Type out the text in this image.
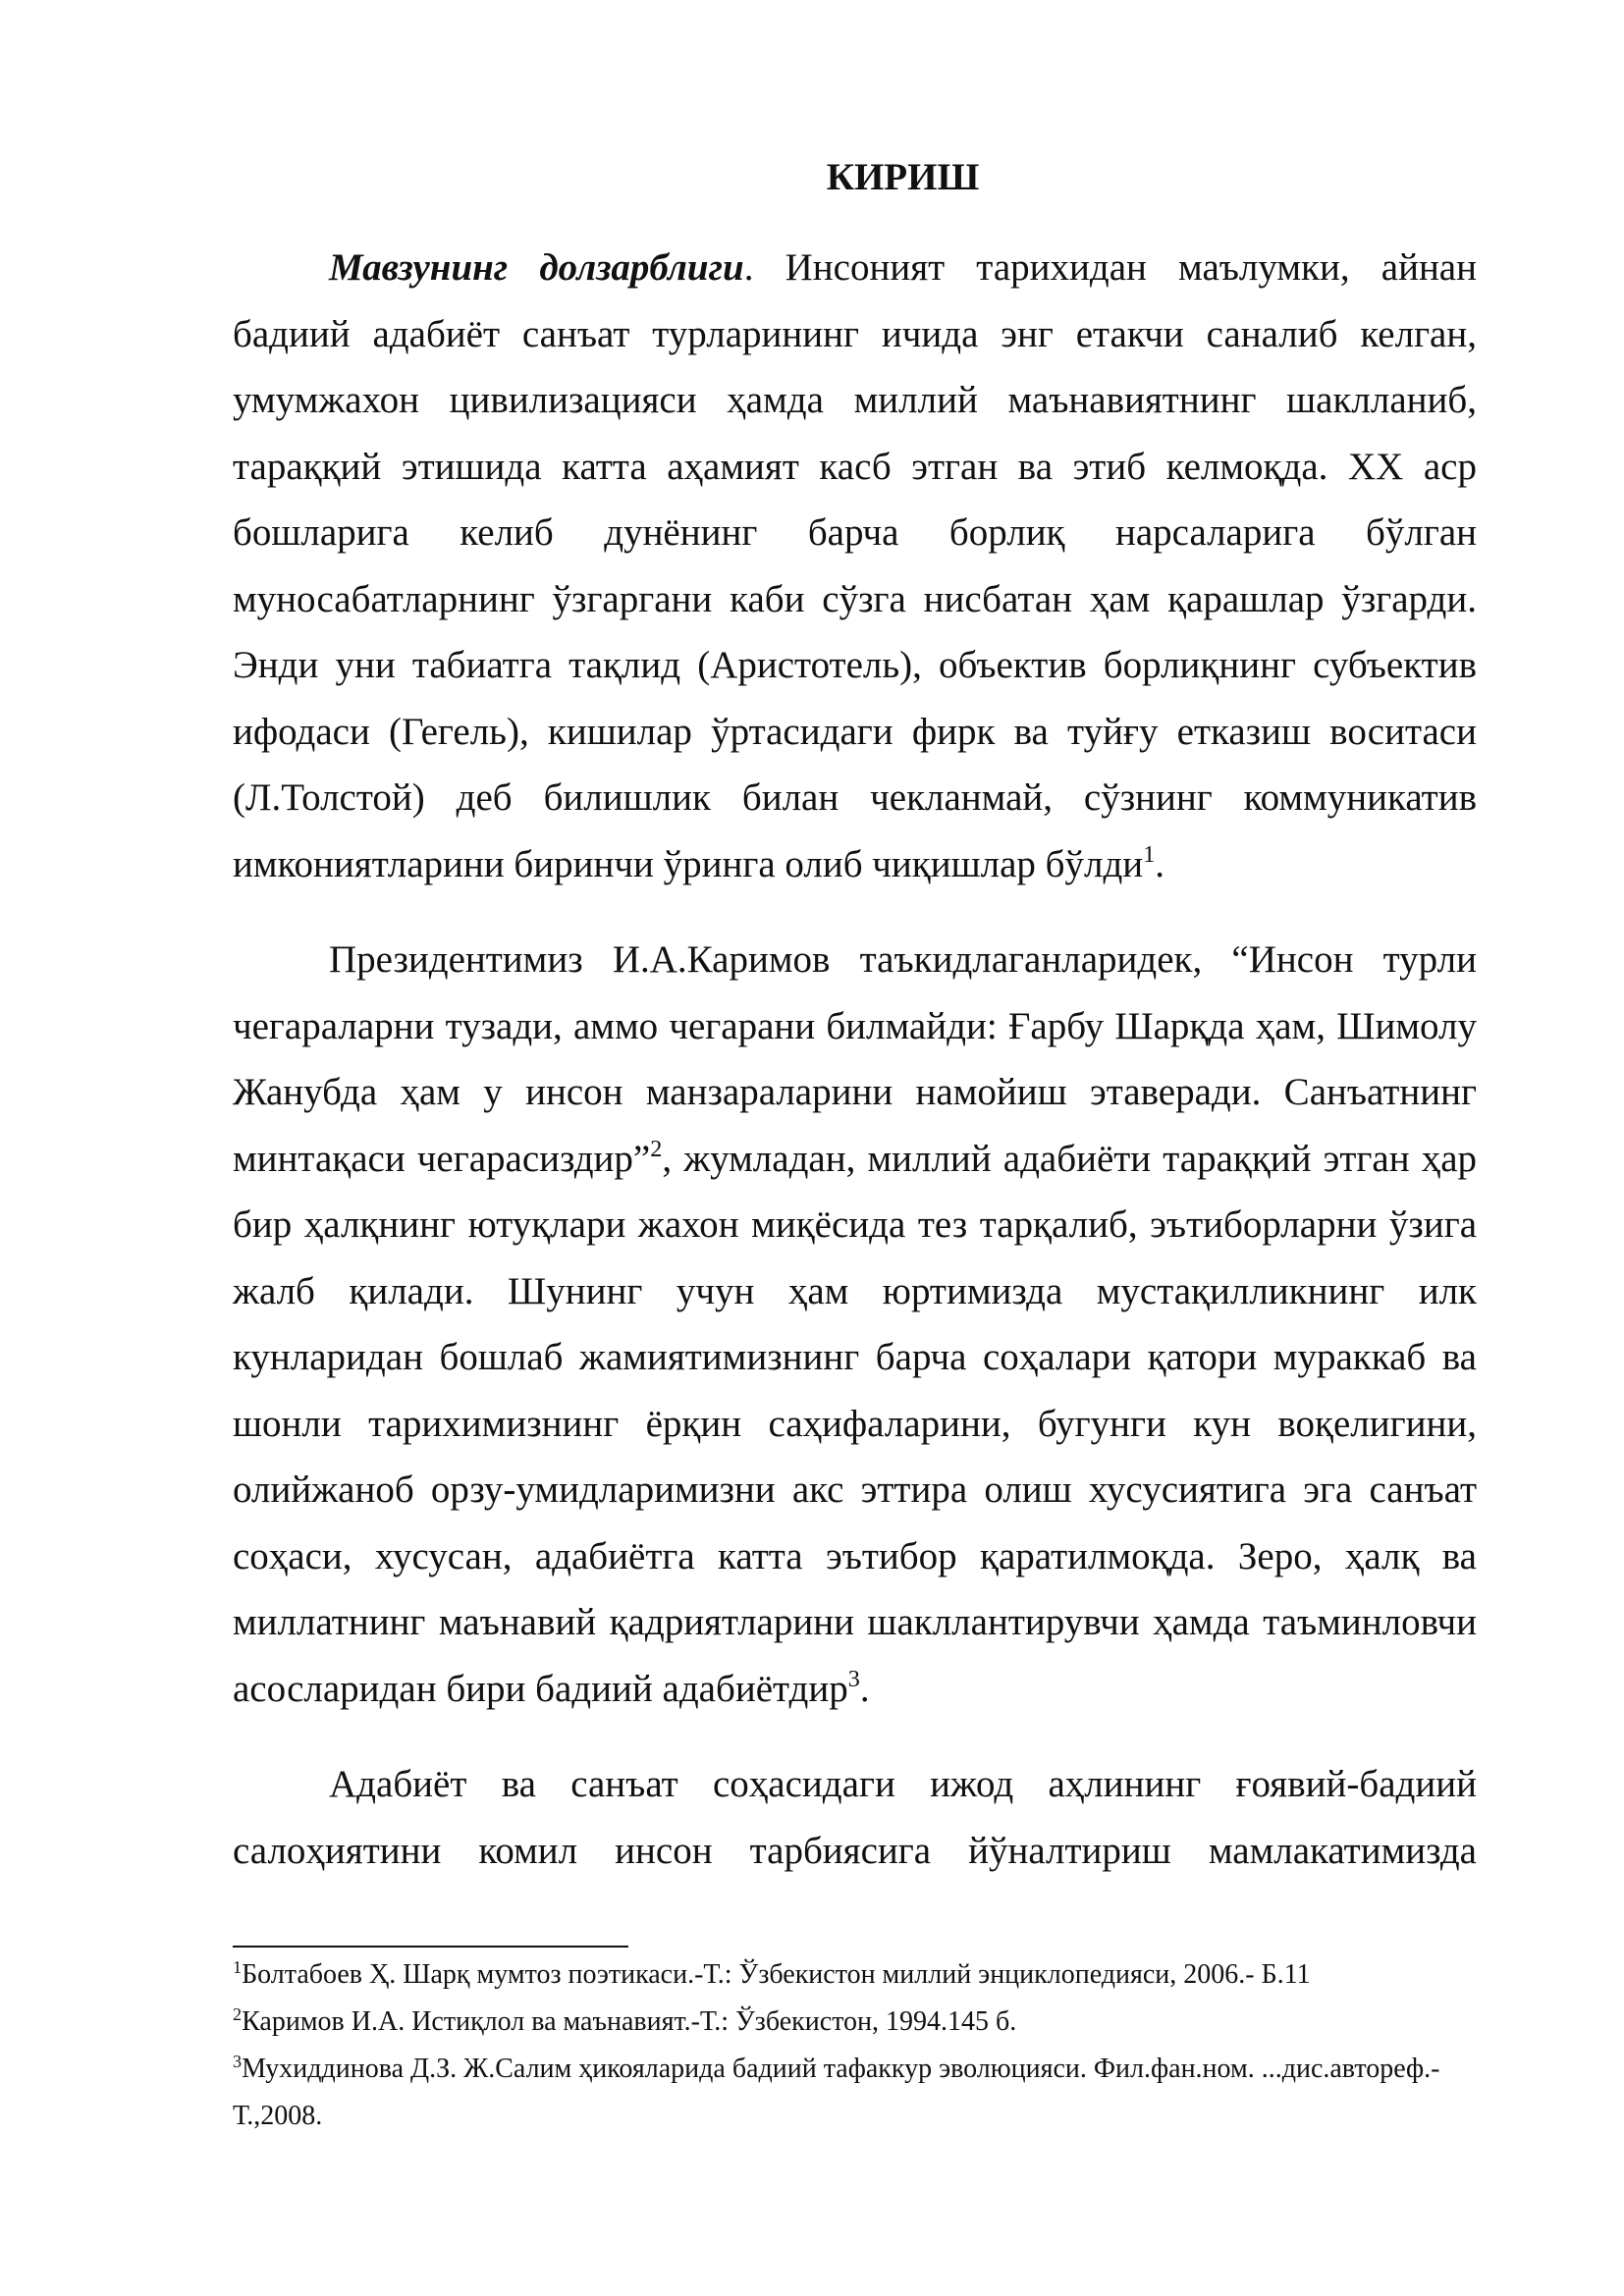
КИРИШ
Мавзунинг долзарблиги. Инсоният тарихидан маълумки, айнан
бадиий адабиёт санъат турларининг ичида энг етакчи саналиб келган,
умумжахон цивилизацияси ҳамда миллий маънавиятнинг шаклланиб,
тараққий этишида катта аҳамият касб этган ва этиб келмоқда. XX аср
бошларига келиб дунёнинг барча борлиқ нарсаларига бўлган
муносабатларнинг ўзгаргани каби сўзга нисбатан ҳам қарашлар ўзгарди.
Энди уни табиатга тақлид (Аристотель), объектив борлиқнинг субъектив
ифодаси (Гегель), кишилар ўртасидаги фирк ва туйғу етказиш воситаси
(Л.Толстой) деб билишлик билан чекланмай, сўзнинг коммуникатив
имкониятларини биринчи ўринга олиб чиқишлар бўлди$^1$.
Президентимиз И.А.Каримов таъкидлаганларидек, “Инсон турли
чегараларни тузади, аммо чегарани билмайди: Ғарбу Шарқда ҳам, Шимолу
Жанубда ҳам у инсон манзараларини намойиш этаверади. Санъатнинг
минтақаси чегарасиздир”$^2$, жумладан, миллий адабиёти тараққий этган ҳар
бир ҳалқнинг ютуқлари жахон миқёсида тез тарқалиб, эътиборларни ўзига
жалб қилади. Шунинг учун ҳам юртимизда мустақилликнинг илк
кунларидан бошлаб жамиятимизнинг барча соҳалари қатори мураккаб ва
шонли тарихимизнинг ёрқин саҳифаларини, бугунги кун воқелигини,
олийжаноб орзу-умидларимизни акс эттира олиш хусусиятига эга санъат
соҳаси, хусусан, адабиётга катта эътибор қаратилмоқда. Зеро, ҳалқ ва
миллатнинг маънавий қадриятларини шакллантирувчи ҳамда таъминловчи
асосларидан бири бадиий адабиётдир$^3$.
Адабиёт ва санъат соҳасидаги ижод аҳлининг ғоявий-бадиий
салоҳиятини комил инсон тарбиясига йўналтириш мамлакатимизда
$^1$Болтабоев Ҳ. Шарқ мумтоз поэтикаси.-Т.: Ўзбекистон миллий энциклопедияси, 2006.- Б.11
$^2$Каримов И.А. Истиқлол ва маънавият.-Т.: Ўзбекистон, 1994.145 б.
$^3$Мухиддинова Д.З. Ж.Салим ҳикояларида бадиий тафаккур эволюцияси. Фил.фан.ном. ...дис.автореф.-
Т.,2008.
